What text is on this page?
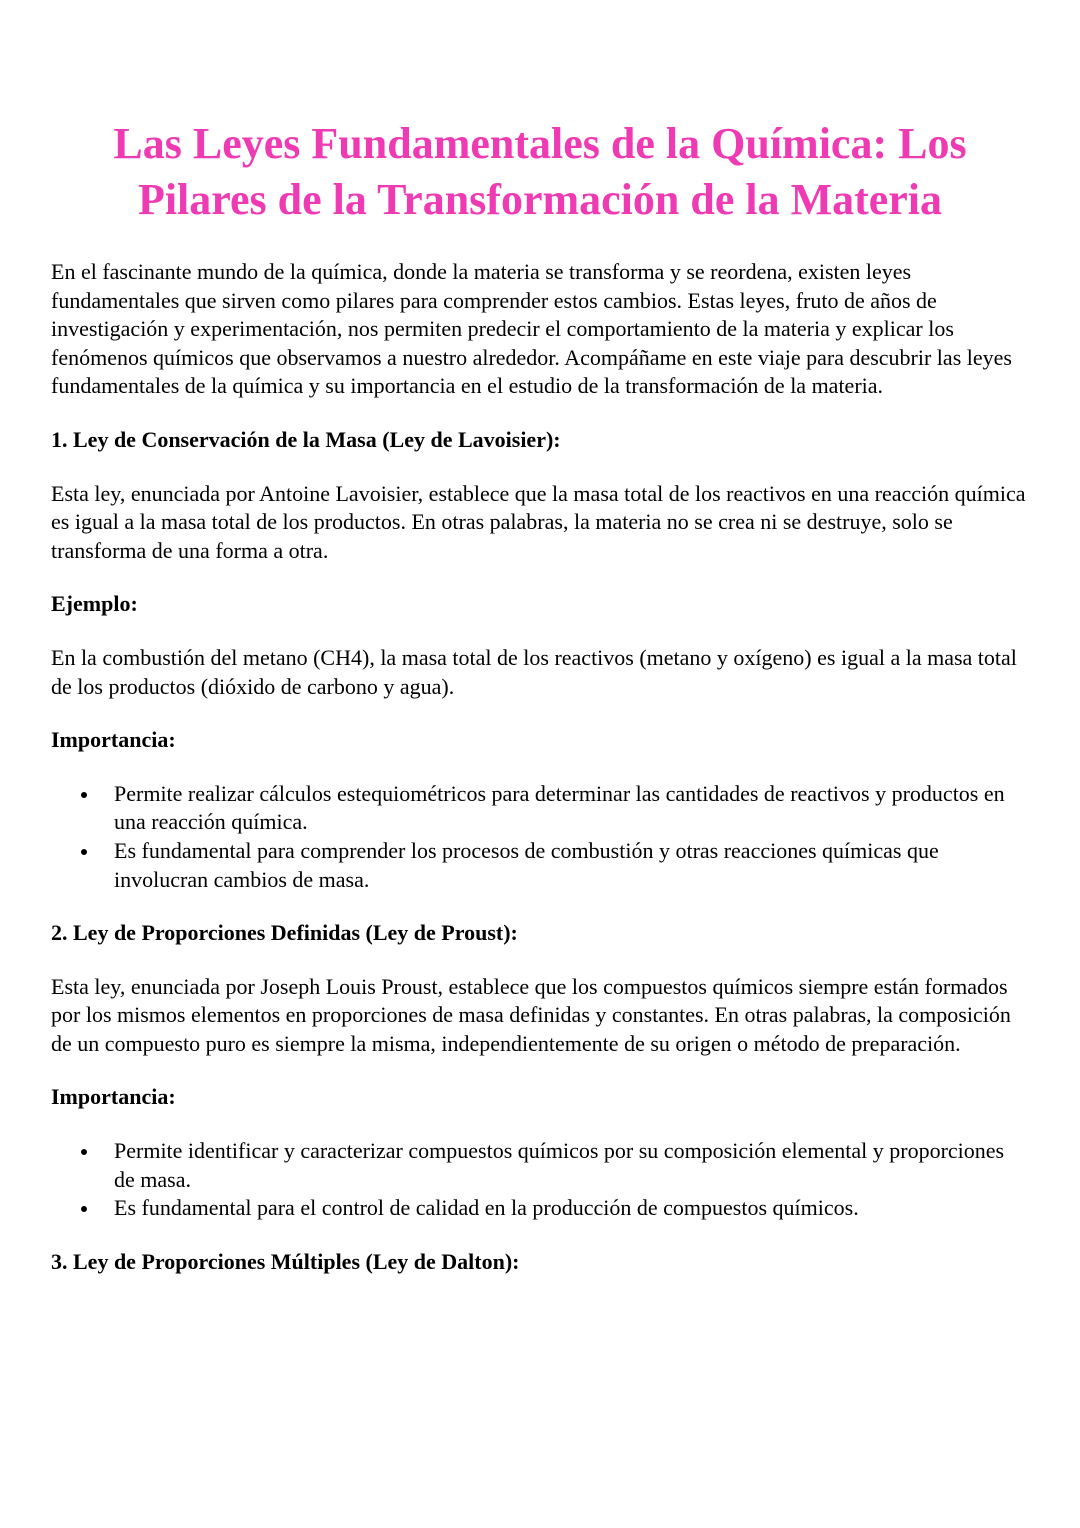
Las Leyes Fundamentales de la Química: Los Pilares de la Transformación de la Materia

En el fascinante mundo de la química, donde la materia se transforma y se reordena, existen leyes fundamentales que sirven como pilares para comprender estos cambios. Estas leyes, fruto de años de investigación y experimentación, nos permiten predecir el comportamiento de la materia y explicar los fenómenos químicos que observamos a nuestro alrededor. Acompáñame en este viaje para descubrir las leyes fundamentales de la química y su importancia en el estudio de la transformación de la materia.

1. Ley de Conservación de la Masa (Ley de Lavoisier):

Esta ley, enunciada por Antoine Lavoisier, establece que la masa total de los reactivos en una reacción química es igual a la masa total de los productos. En otras palabras, la materia no se crea ni se destruye, solo se transforma de una forma a otra.

Ejemplo:

En la combustión del metano (CH4), la masa total de los reactivos (metano y oxígeno) es igual a la masa total de los productos (dióxido de carbono y agua).

Importancia:
Permite realizar cálculos estequiométricos para determinar las cantidades de reactivos y productos en una reacción química.
Es fundamental para comprender los procesos de combustión y otras reacciones químicas que involucran cambios de masa.
2. Ley de Proporciones Definidas (Ley de Proust):

Esta ley, enunciada por Joseph Louis Proust, establece que los compuestos químicos siempre están formados por los mismos elementos en proporciones de masa definidas y constantes. En otras palabras, la composición de un compuesto puro es siempre la misma, independientemente de su origen o método de preparación.

Importancia:
Permite identificar y caracterizar compuestos químicos por su composición elemental y proporciones de masa.
Es fundamental para el control de calidad en la producción de compuestos químicos.
3. Ley de Proporciones Múltiples (Ley de Dalton):
